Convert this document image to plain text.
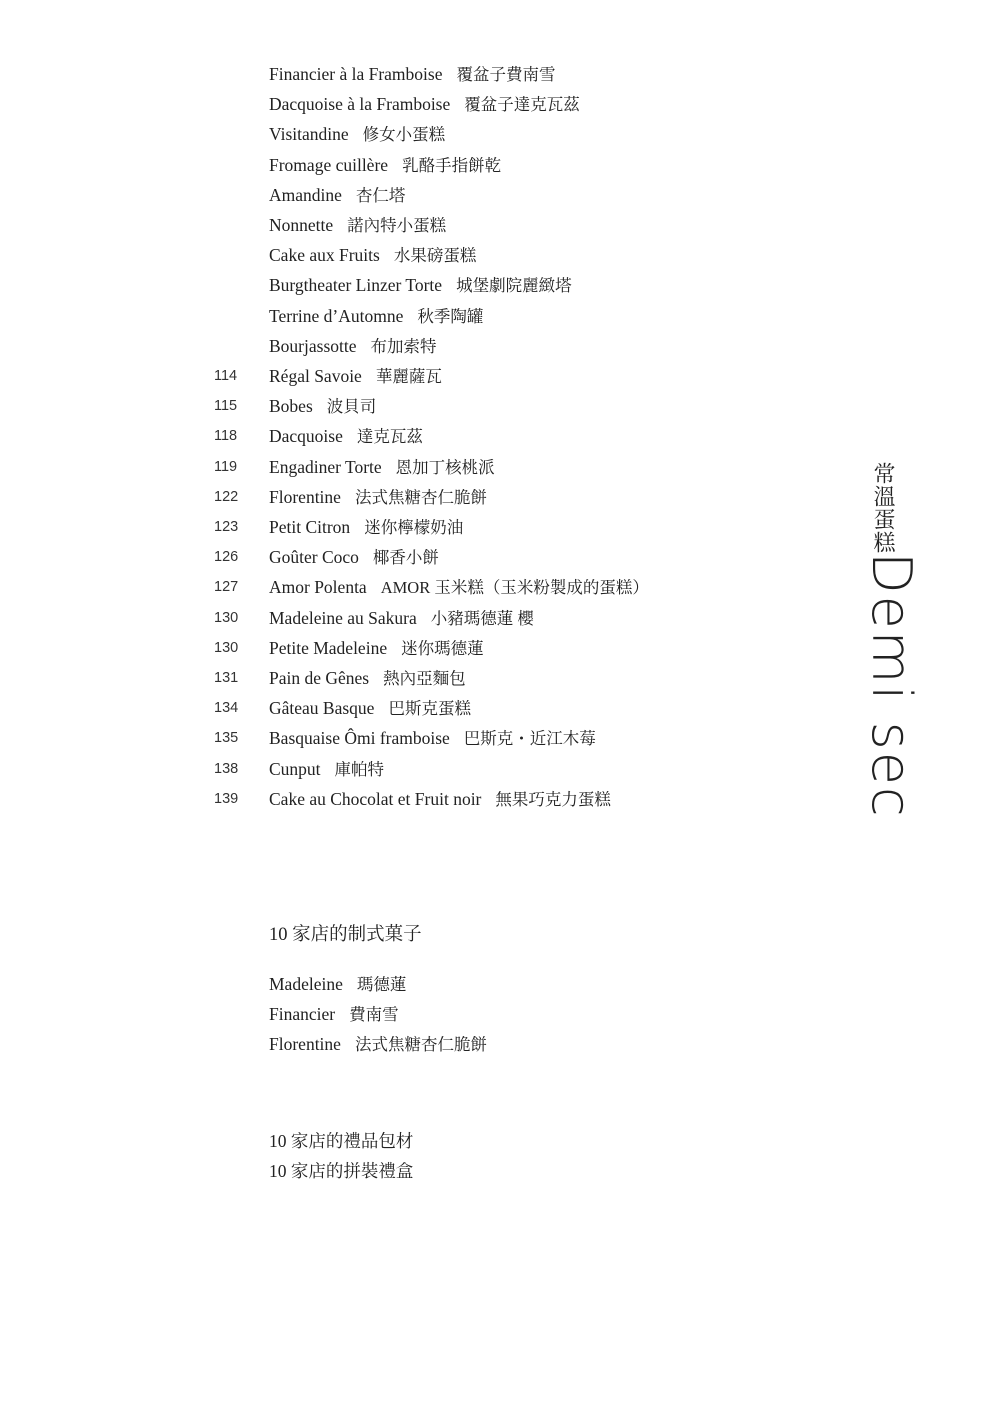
Financier à la Framboise 覆盆子費南雪
Dacquoise à la Framboise 覆盆子達克瓦茲
Visitandine 修女小蛋糕
Fromage cuillère 乳酪手指餅乾
Amandine 杏仁塔
Nonnette 諾內特小蛋糕
Cake aux Fruits 水果磅蛋糕
Burgtheater Linzer Torte 城堡劇院麗緻塔
Terrine d’Automne 秋季陶罐
Bourjassotte 布加索特
114	Régal Savoie 華麗薩瓦
115	Bobes 波貝司
118	Dacquoise 達克瓦茲
119	Engadiner Torte 恩加丁核桃派
122	Florentine 法式焦糖杏仁脆餅
123	Petit Citron 迷你檸檬奶油
126	Goûter Coco 椰香小餅
127	Amor Polenta AMOR 玉米糕（玉米粉製成的蛋糕）
130	Madeleine au Sakura 小豬瑪德蓮 櫻
130	Petite Madeleine 迷你瑪德蓮
131	Pain de Gênes 熱內亞麵包
134	Gâteau Basque 巴斯克蛋糕
135	Basquaise Ômi framboise 巴斯克・近江木莓
138	Cunput 庫帕特
139	Cake au Chocolat et Fruit noir 無果巧克力蛋糕
10 家店的制式菓子
Madeleine 瑪德蓮
Financier 費南雪
Florentine 法式焦糖杏仁脆餅
10 家店的禮品包材
10 家店的拼裝禮盒
常溫蛋糕
Demi sec
